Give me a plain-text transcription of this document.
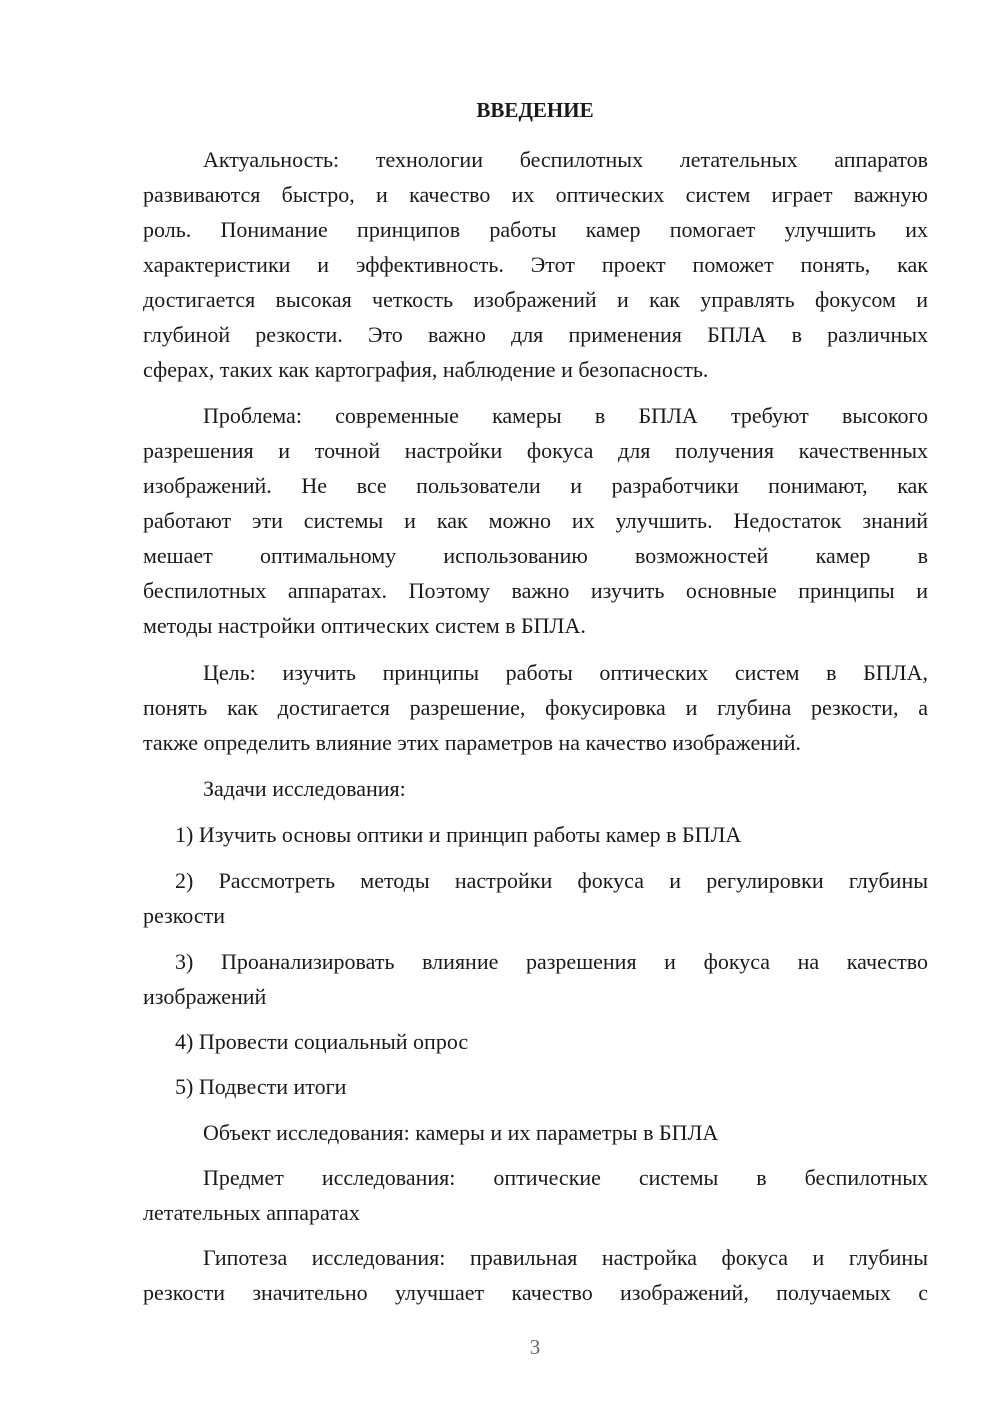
ВВЕДЕНИЕ
Актуальность: технологии беспилотных летательных аппаратов
развиваются быстро, и качество их оптических систем играет важную
роль. Понимание принципов работы камер помогает улучшить их
характеристики и эффективность. Этот проект поможет понять, как
достигается высокая четкость изображений и как управлять фокусом и
глубиной резкости. Это важно для применения БПЛА в различных
сферах, таких как картография, наблюдение и безопасность.
Проблема: современные камеры в БПЛА требуют высокого
разрешения и точной настройки фокуса для получения качественных
изображений. Не все пользователи и разработчики понимают, как
работают эти системы и как можно их улучшить. Недостаток знаний
мешает оптимальному использованию возможностей камер в
беспилотных аппаратах. Поэтому важно изучить основные принципы и
методы настройки оптических систем в БПЛА.
Цель: изучить принципы работы оптических систем в БПЛА,
понять как достигается разрешение, фокусировка и глубина резкости, а
также определить влияние этих параметров на качество изображений.
Задачи исследования:
1) Изучить основы оптики и принцип работы камер в БПЛА
2) Рассмотреть методы настройки фокуса и регулировки глубины
резкости
3) Проанализировать влияние разрешения и фокуса на качество
изображений
4) Провести социальный опрос
5) Подвести итоги
Объект исследования: камеры и их параметры в БПЛА
Предмет исследования: оптические системы в беспилотных
летательных аппаратах
Гипотеза исследования: правильная настройка фокуса и глубины
резкости значительно улучшает качество изображений, получаемых с
3
